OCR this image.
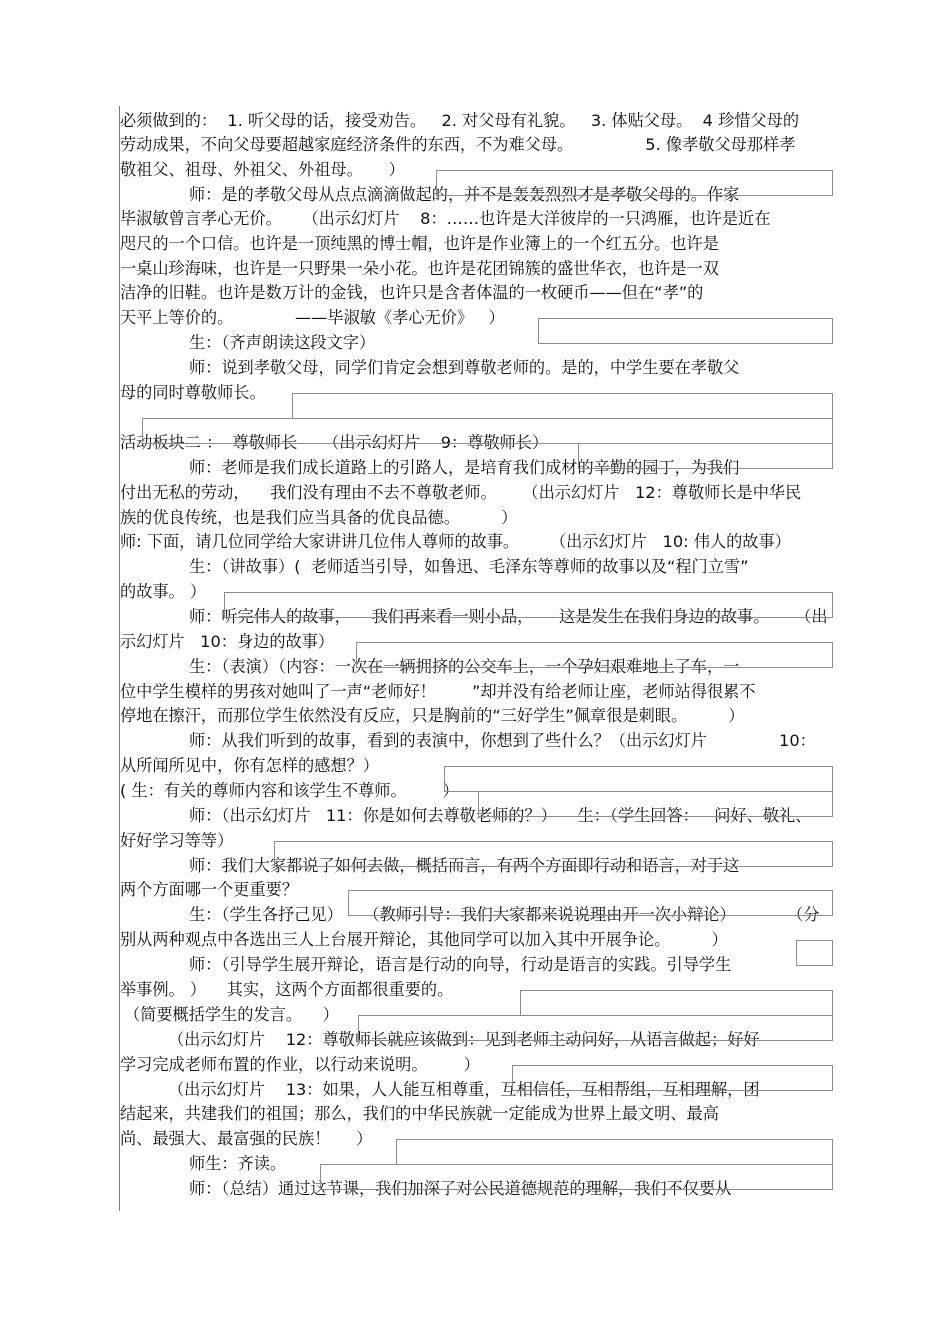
必须做到的：  1. 听父母的话，接受劝告。   2. 对父母有礼貌。   3. 体贴父母。  4 珍惜父母的
劳动成果，不向父母要超越家庭经济条件的东西，不为难父母。              5. 像孝敬父母那样孝
敬祖父、祖母、外祖父、外祖母。     ）
师：是的孝敬父母从点点滴滴做起的，并不是轰轰烈烈才是孝敬父母的。作家
毕淑敏曾言孝心无价。    （出示幻灯片    8：……也许是大洋彼岸的一只鸿雁，也许是近在
咫尺的一个口信。也许是一顶纯黑的博士帽，也许是作业簿上的一个红五分。也许是
一桌山珍海味，也许是一只野果一朵小花。也许是花团锦簇的盛世华衣，也许是一双
洁净的旧鞋。也许是数万计的金钱，也许只是含者体温的一枚硬币——但在“孝”的
天平上等价的。            ——毕淑敏《孝心无价》   ）
生：（齐声朗读这段文字）
师：说到孝敬父母，同学们肯定会想到尊敬老师的。是的，中学生要在孝敬父
母的同时尊敬师长。
活动板块二 ：  尊敬师长     （出示幻灯片    9：尊敬师长）
师：老师是我们成长道路上的引路人，是培育我们成材的辛勤的园丁，为我们
付出无私的劳动，    我们没有理由不去不尊敬老师。     （出示幻灯片   12：尊敬师长是中华民
族的优良传统，也是我们应当具备的优良品德。        ）
师: 下面，请几位同学给大家讲讲几位伟人尊师的故事。      （出示幻灯片   10: 伟人的故事）
生：（讲故事）(  老师适当引导，如鲁迅、毛泽东等尊师的故事以及“程门立雪”
的故事。 ）
师：听完伟人的故事，    我们再来看一则小品，     这是发生在我们身边的故事。     （出
示幻灯片   10：身边的故事）
生：（表演）（内容：一次在一辆拥挤的公交车上，一个孕妇艰难地上了车，一
位中学生模样的男孩对她叫了一声“老师好！       ”却并没有给老师让座，老师站得很累不
停地在擦汗，而那位学生依然没有反应，只是胸前的“三好学生”佩章很是刺眼。        ）
师：从我们听到的故事，看到的表演中，你想到了些什么？（出示幻灯片              10：
从所闻所见中，你有怎样的感想？）
( 生：有关的尊师内容和该学生不尊师。       ）
师：（出示幻灯片   11：你是如何去尊敬老师的？）    生：（学生回答：   问好、敬礼、
好好学习等等）
师：我们大家都说了如何去做，概括而言，有两个方面即行动和语言，对于这
两个方面哪一个更重要？
生：（学生各抒己见）    （教师引导：我们大家都来说说理由开一次小辩论）          （分
别从两种观点中各选出三人上台展开辩论，其他同学可以加入其中开展争论。        ）
师：（引导学生展开辩论，语言是行动的向导，行动是语言的实践。引导学生
举事例。 ）    其实，这两个方面都很重要的。
（简要概括学生的发言。    ）
（出示幻灯片    12：尊敬师长就应该做到：见到老师主动问好，从语言做起；好好
学习完成老师布置的作业，以行动来说明。       ）
（出示幻灯片    13：如果，人人能互相尊重，互相信任，互相帮组，互相理解，团
结起来，共建我们的祖国；那么，我们的中华民族就一定能成为世界上最文明、最高
尚、最强大、最富强的民族！     ）
师生：齐读。
师：（总结）通过这节课，我们加深了对公民道德规范的理解，我们不仅要从
